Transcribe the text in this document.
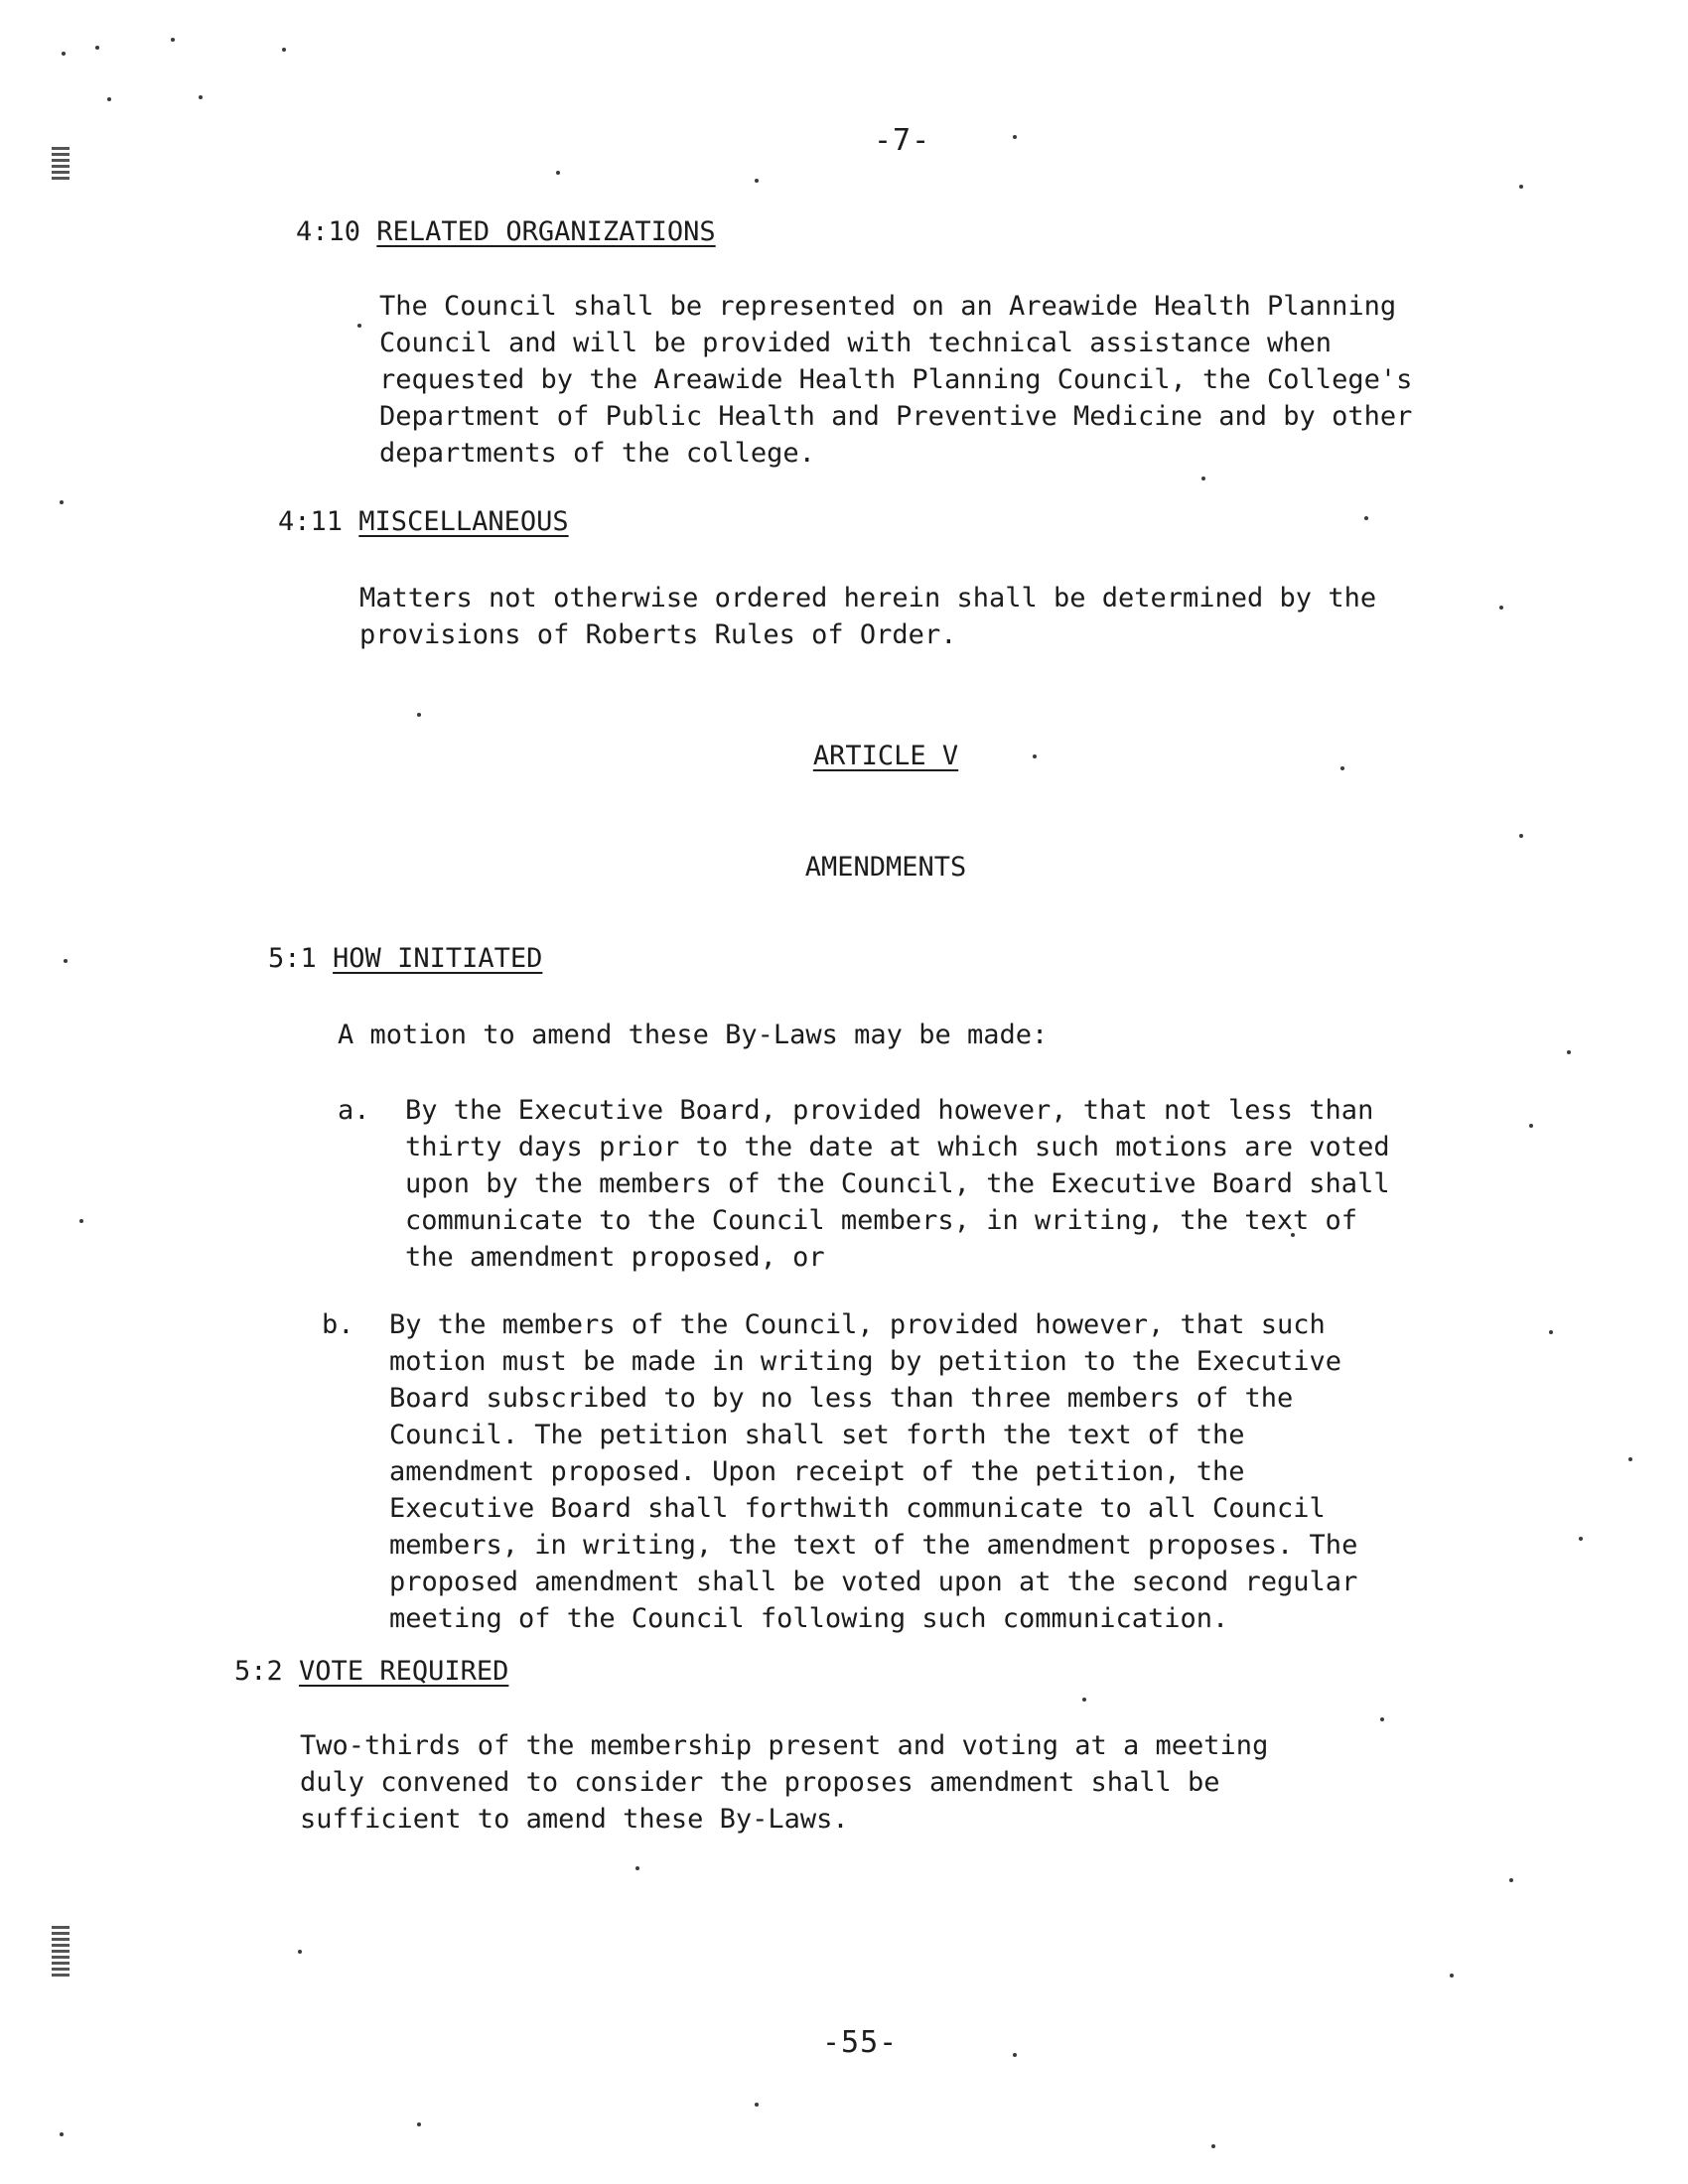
-7-
4:10 RELATED ORGANIZATIONS

The Council shall be represented on an Areawide Health Planning
Council and will be provided with technical assistance when
requested by the Areawide Health Planning Council, the College's
Department of Public Health and Preventive Medicine and by other
departments of the college.

4:11 MISCELLANEOUS

Matters not otherwise ordered herein shall be determined by the
provisions of Roberts Rules of Order.

ARTICLE V
AMENDMENTS
5:1 HOW INITIATED

A motion to amend these By-Laws may be made:

a. By the Executive Board, provided however, that not less than
thirty days prior to the date at which such motions are voted
upon by the members of the Council, the Executive Board shall
communicate to the Council members, in writing, the text of
the amendment proposed, or

b. By the members of the Council, provided however, that such
motion must be made in writing by petition to the Executive
Board subscribed to by no less than three members of the
Council. The petition shall set forth the text of the
amendment proposed. Upon receipt of the petition, the
Executive Board shall forthwith communicate to all Council
members, in writing, the text of the amendment proposes. The
proposed amendment shall be voted upon at the second regular
meeting of the Council following such communication.

5:2 VOTE REQUIRED

Two-thirds of the membership present and voting at a meeting
duly convened to consider the proposes amendment shall be
sufficient to amend these By-Laws.

-55-
